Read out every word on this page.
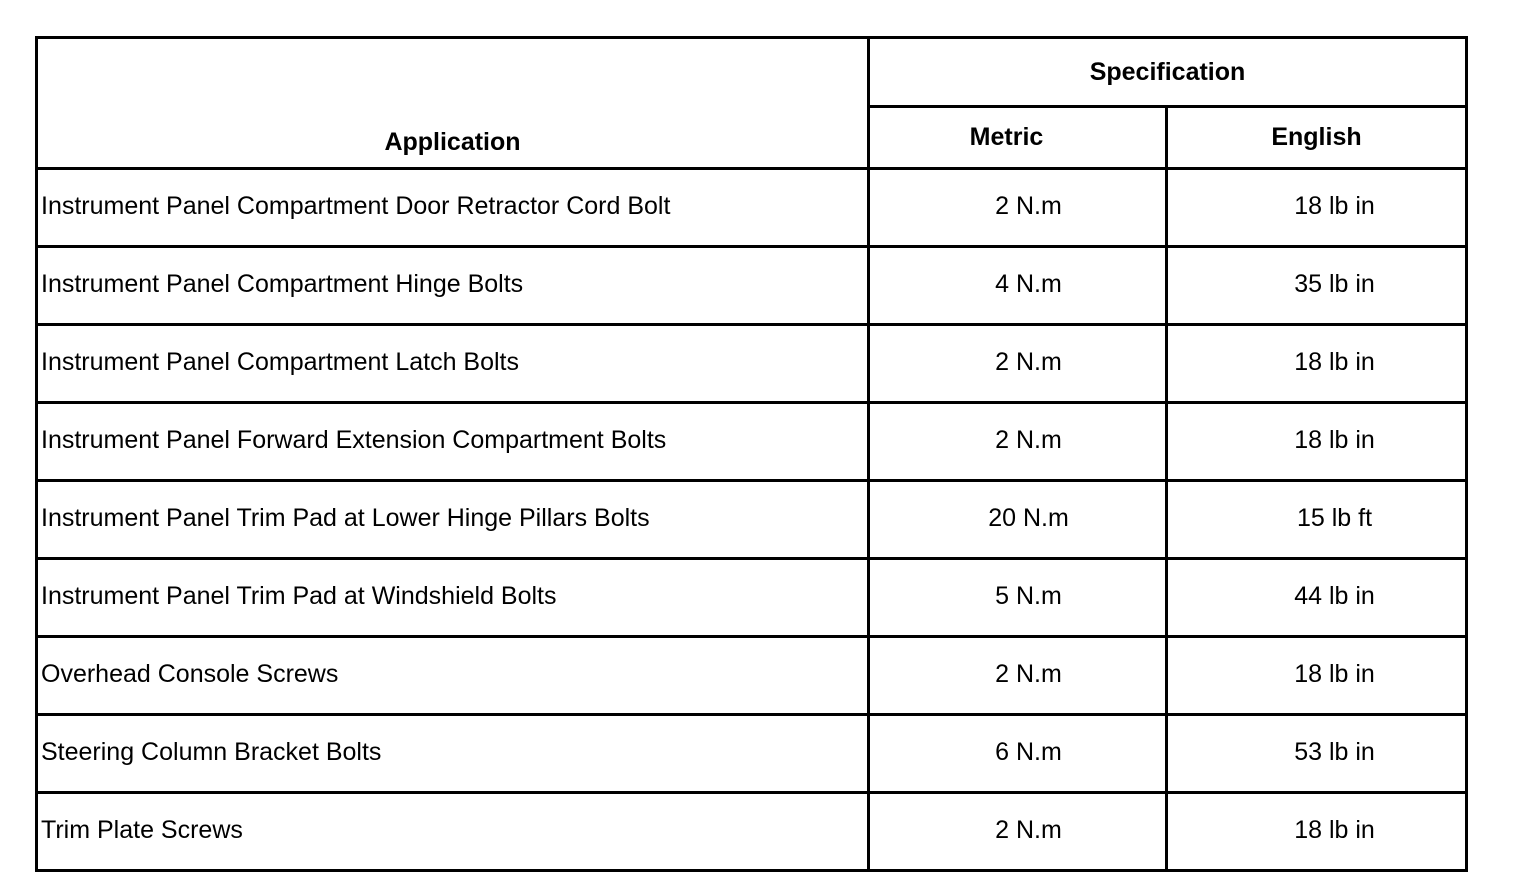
Application	Specification	
	Metric	English
Instrument Panel Compartment Door Retractor Cord Bolt	2 N.m	18 lb in
Instrument Panel Compartment Hinge Bolts	4 N.m	35 lb in
Instrument Panel Compartment Latch Bolts	2 N.m	18 lb in
Instrument Panel Forward Extension Compartment Bolts	2 N.m	18 lb in
Instrument Panel Trim Pad at Lower Hinge Pillars Bolts	20 N.m	15 lb ft
Instrument Panel Trim Pad at Windshield Bolts	5 N.m	44 lb in
Overhead Console Screws	2 N.m	18 lb in
Steering Column Bracket Bolts	6 N.m	53 lb in
Trim Plate Screws	2 N.m	18 lb in
